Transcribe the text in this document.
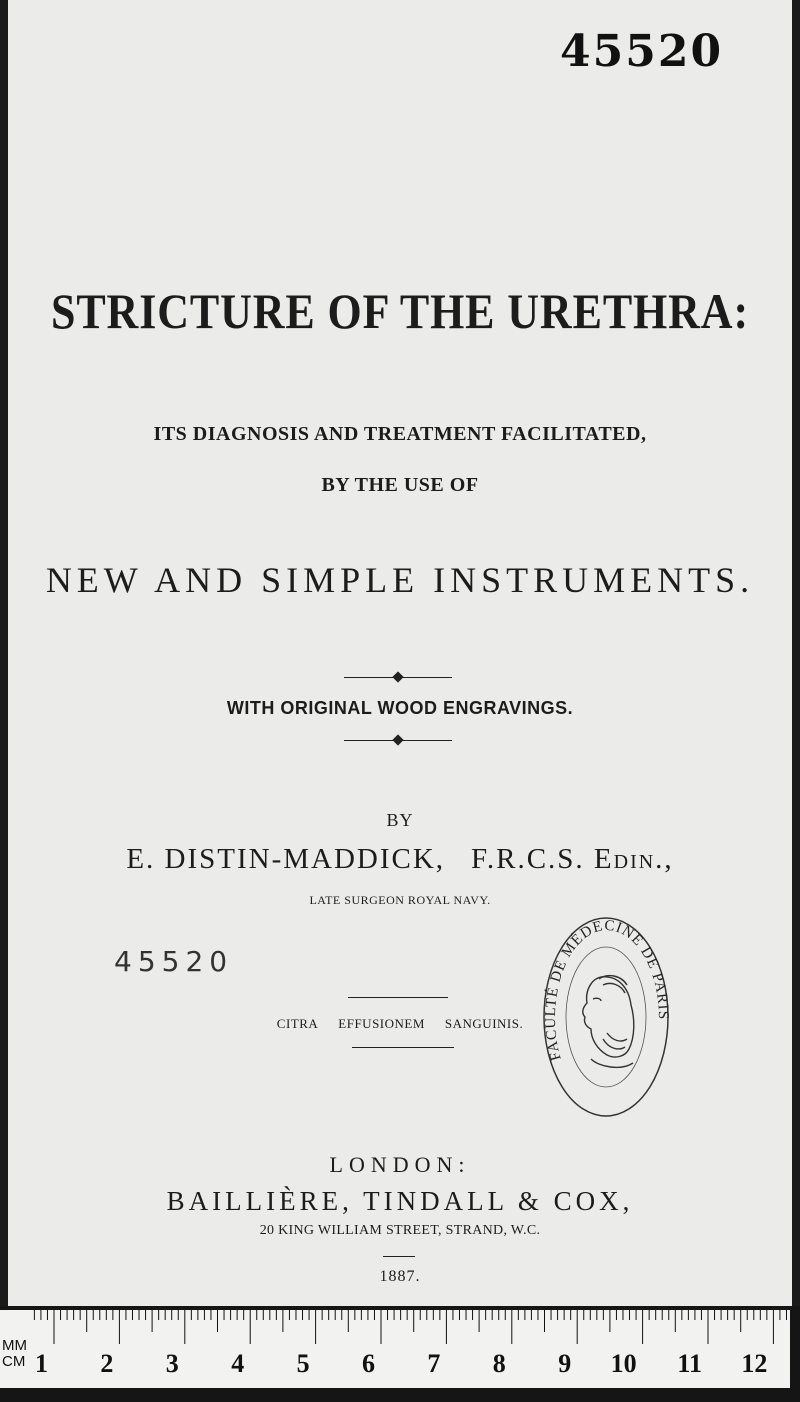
45520
STRICTURE OF THE URETHRA:
ITS DIAGNOSIS AND TREATMENT FACILITATED,
BY THE USE OF
NEW AND SIMPLE INSTRUMENTS.
WITH ORIGINAL WOOD ENGRAVINGS.
BY
E. DISTIN-MADDICK, F.R.C.S. Edin.,
LATE SURGEON ROYAL NAVY.
45520
CITRA EFFUSIONEM SANGUINIS.
FACULTÉ DE MÉDECINE DE PARIS
LONDON:
BAILLIÈRE, TINDALL & COX,
20 KING WILLIAM STREET, STRAND, W.C.
1887.
MM
CM 1 2 3 4 5 6 7 8 9 10 11 12
